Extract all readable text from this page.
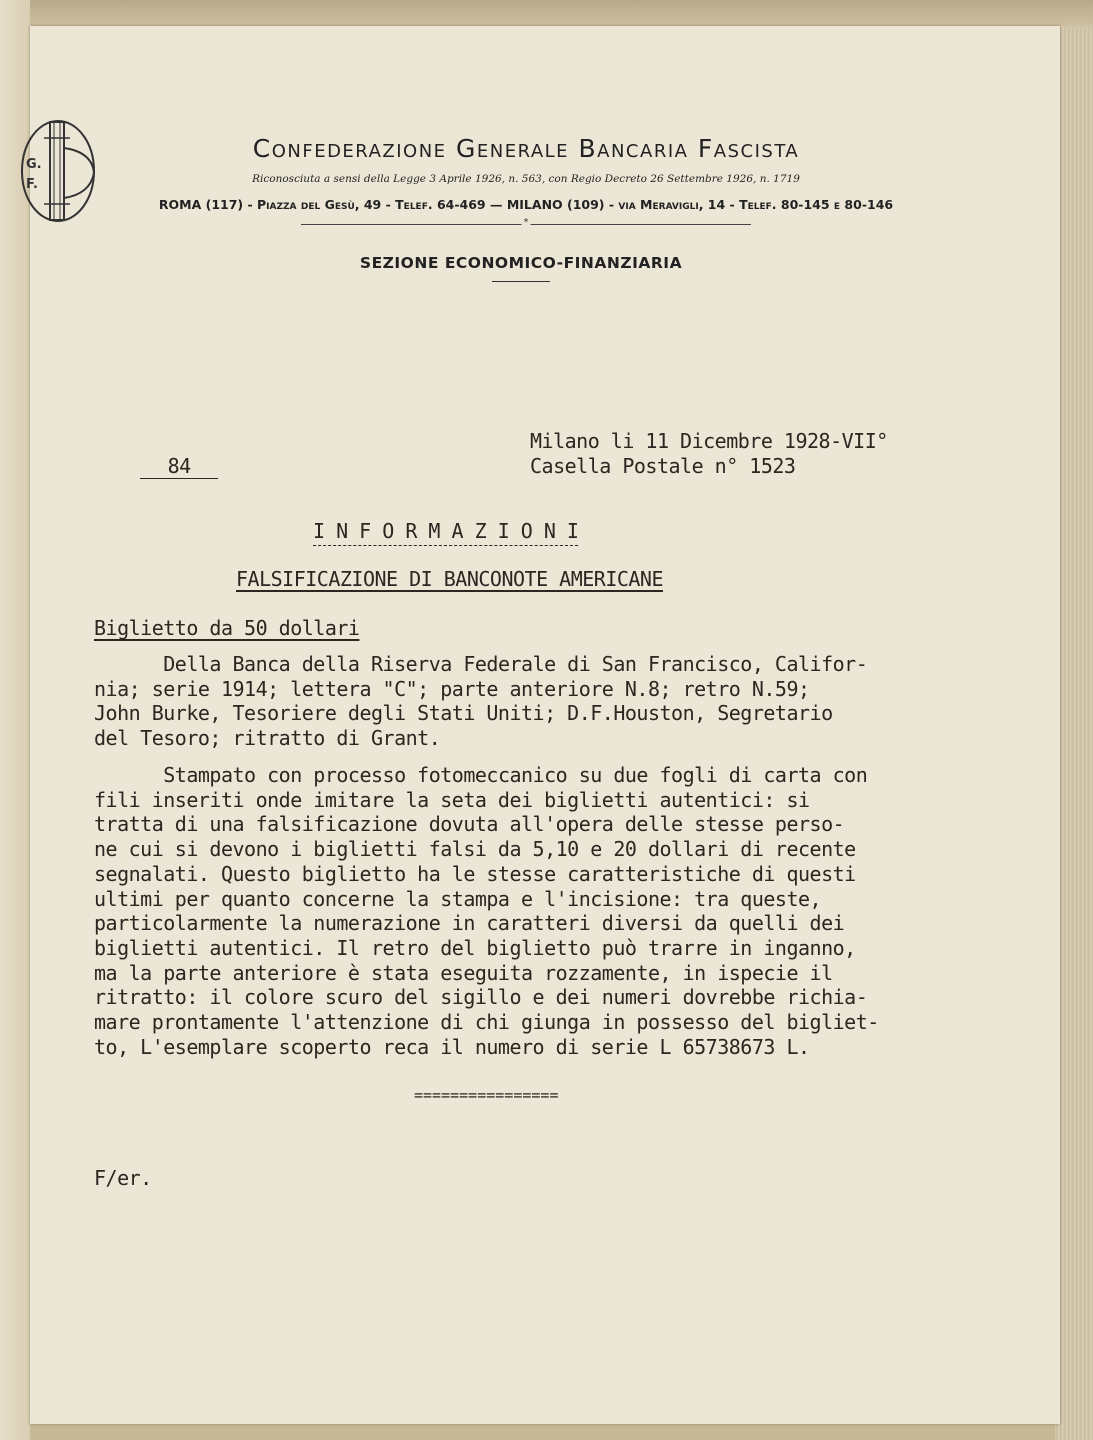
G.
F.
Confederazione Generale Bancaria Fascista
Riconosciuta a sensi della Legge 3 Aprile 1926, n. 563, con Regio Decreto 26 Settembre 1926, n. 1719
ROMA (117) - Piazza del Gesù, 49 - Telef. 64-469 — MILANO (109) - via Meravigli, 14 - Telef. 80-145 e 80-146
*
SEZIONE ECONOMICO-FINANZIARIA

84

Milano li 11 Dicembre 1928-VII°
Casella Postale n° 1523
I N F O R M A Z I O N I
FALSIFICAZIONE DI BANCONOTE AMERICANE
Biglietto da 50 dollari
Della Banca della Riserva Federale di San Francisco, Califor-
nia; serie 1914; lettera "C"; parte anteriore N.8; retro N.59;
John Burke, Tesoriere degli Stati Uniti; D.F.Houston, Segretario
del Tesoro; ritratto di Grant.
Stampato con processo fotomeccanico su due fogli di carta con
fili inseriti onde imitare la seta dei biglietti autentici: si
tratta di una falsificazione dovuta all'opera delle stesse perso-
ne cui si devono i biglietti falsi da 5,10 e 20 dollari di recente
segnalati. Questo biglietto ha le stesse caratteristiche di questi
ultimi per quanto concerne la stampa e l'incisione: tra queste,
particolarmente la numerazione in caratteri diversi da quelli dei
biglietti autentici. Il retro del biglietto può trarre in inganno,
ma la parte anteriore è stata eseguita rozzamente, in ispecie il
ritratto: il colore scuro del sigillo e dei numeri dovrebbe richia-
mare prontamente l'attenzione di chi giunga in possesso del bigliet-
to, L'esemplare scoperto reca il numero di serie L 65738673 L.
================
F/er.
